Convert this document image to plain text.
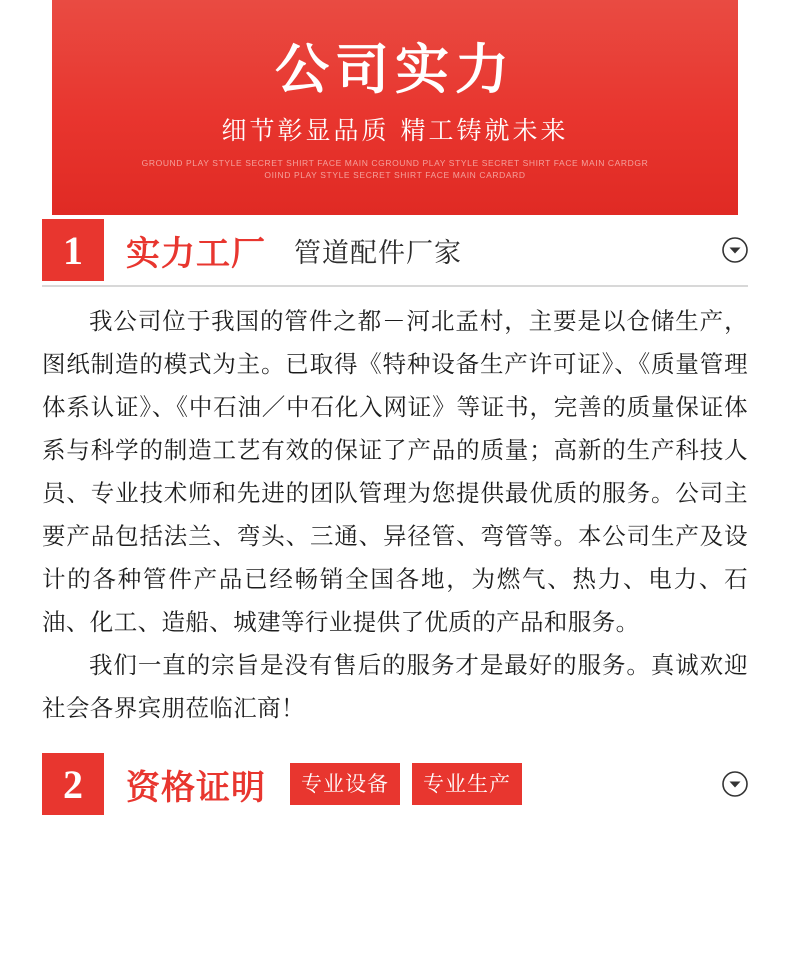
公司实力
细节彰显品质 精工铸就未来
GROUND PLAY STYLE SECRET SHIRT FACE MAIN CGROUND PLAY STYLE SECRET SHIRT FACE MAIN CARDGR
OIIND PLAY STYLE SECRET SHIRT FACE MAIN CARDARD
1	实力工厂 管道配件厂家

我公司位于我国的管件之都－河北孟村，主要是以仓储生产，图纸制造的模式为主。已取得《特种设备生产许可证》、《质量管理体系认证》、《中石油／中石化入网证》等证书，完善的质量保证体系与科学的制造工艺有效的保证了产品的质量；高新的生产科技人员、专业技术师和先进的团队管理为您提供最优质的服务。公司主要产品包括法兰、弯头、三通、异径管、弯管等。本公司生产及设计的各种管件产品已经畅销全国各地，为燃气、热力、电力、石油、化工、造船、城建等行业提供了优质的产品和服务。

我们一直的宗旨是没有售后的服务才是最好的服务。真诚欢迎社会各界宾朋莅临汇商！

2	资格证明	专业设备	专业生产
